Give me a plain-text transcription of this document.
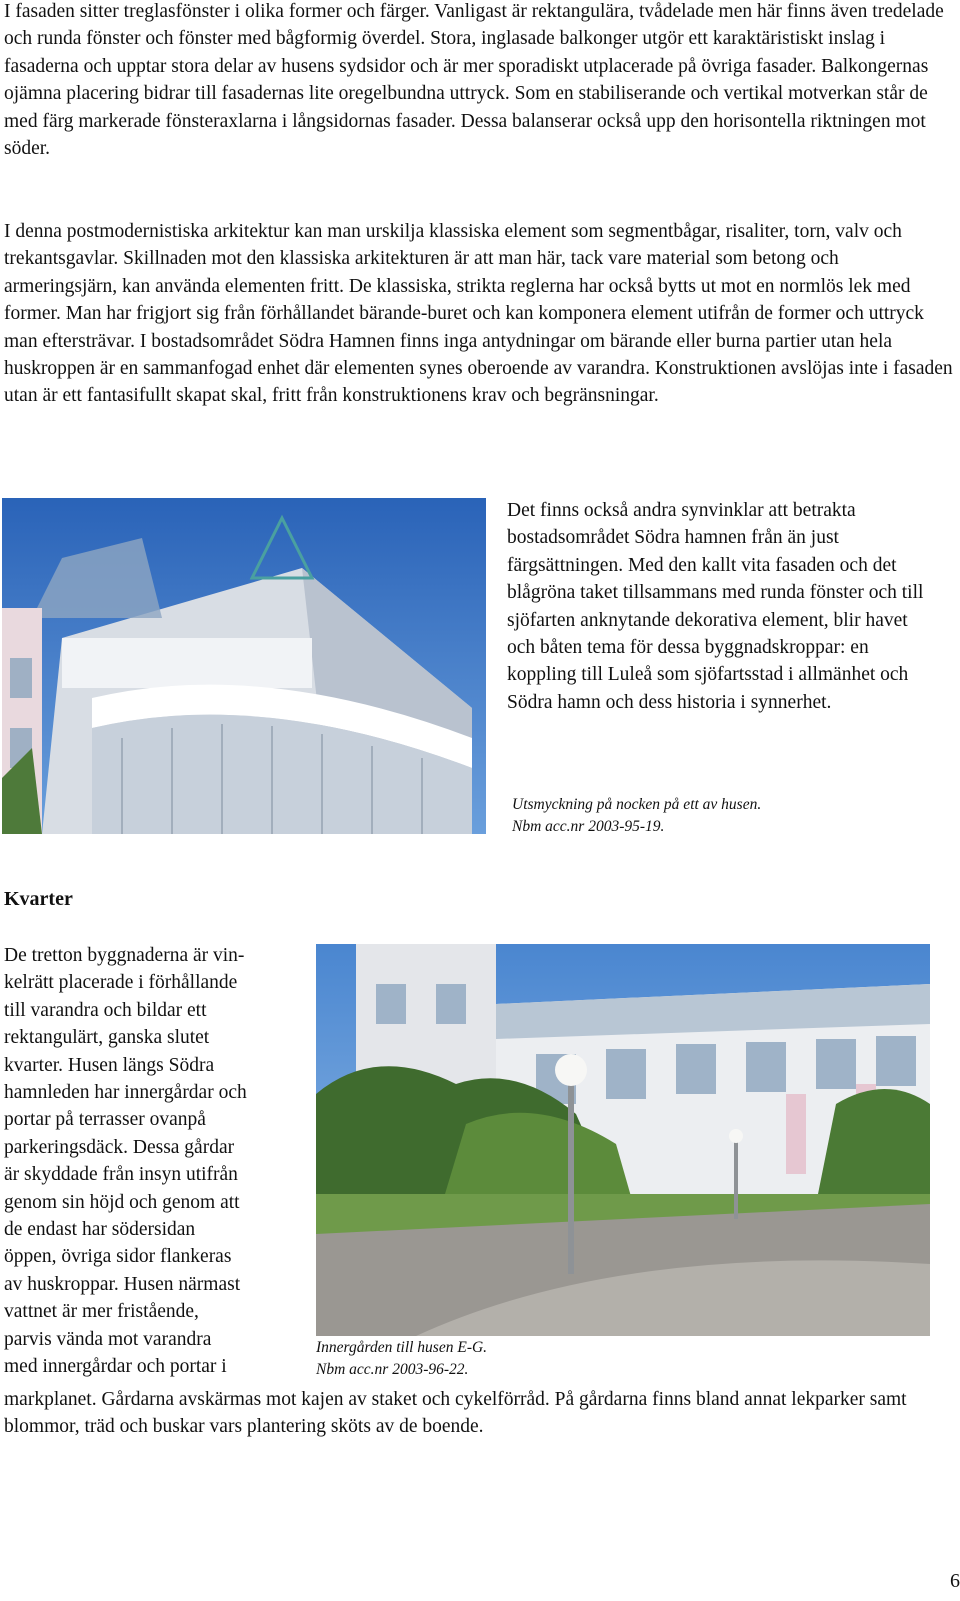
I fasaden sitter treglasfönster i olika former och färger. Vanligast är rektangulära, tvådelade men här finns även tredelade och runda fönster och fönster med bågformig överdel. Stora, inglasade balkonger utgör ett karaktäristiskt inslag i fasaderna och upptar stora delar av husens sydsidor och är mer sporadiskt utplacerade på övriga fasader. Balkongernas ojämna placering bidrar till fasadernas lite oregelbundna uttryck. Som en stabiliserande och vertikal motverkan står de med färg markerade fönsteraxlarna i långsidornas fasader. Dessa balanserar också upp den horisontella riktningen mot söder.

I denna postmodernistiska arkitektur kan man urskilja klassiska element som segmentbågar, risaliter, torn, valv och trekantsgavlar. Skillnaden mot den klassiska arkitekturen är att man här, tack vare material som betong och armeringsjärn, kan använda elementen fritt. De klassiska, strikta reglerna har också bytts ut mot en normlös lek med former. Man har frigjort sig från förhållandet bärande-buret och kan komponera element utifrån de former och uttryck man eftersträvar. I bostadsområdet Södra Hamnen finns inga antydningar om bärande eller burna partier utan hela huskroppen är en sammanfogad enhet där elementen synes oberoende av varandra. Konstruktionen avslöjas inte i fasaden utan är ett fantasifullt skapat skal, fritt från konstruktionens krav och begränsningar.

Det finns också andra synvinklar att betrakta bostadsområdet Södra hamnen från än just färgsättningen. Med den kallt vita fasaden och det blågröna taket tillsammans med runda fönster och till sjöfarten anknytande dekorativa element, blir havet och båten tema för dessa byggnadskroppar: en koppling till Luleå som sjöfartsstad i allmänhet och Södra hamn och dess historia i synnerhet.

Utsmyckning på nocken på ett av husen.
Nbm acc.nr 2003-95-19.

Kvarter

De tretton byggnaderna är vin-
kelrätt placerade i förhållande
till varandra och bildar ett
rektangulärt, ganska slutet
kvarter. Husen längs Södra
hamnleden har innergårdar och
portar på terrasser ovanpå
parkeringsdäck. Dessa gårdar
är skyddade från insyn utifrån
genom sin höjd och genom att
de endast har södersidan
öppen, övriga sidor flankeras
av huskroppar. Husen närmast
vattnet är mer fristående,
parvis vända mot varandra
med innergårdar och portar i

Innergården till husen E-G.
Nbm acc.nr 2003-96-22.

markplanet. Gårdarna avskärmas mot kajen av staket och cykelförråd. På gårdarna finns bland annat lekparker samt blommor, träd och buskar vars plantering sköts av de boende.

6
